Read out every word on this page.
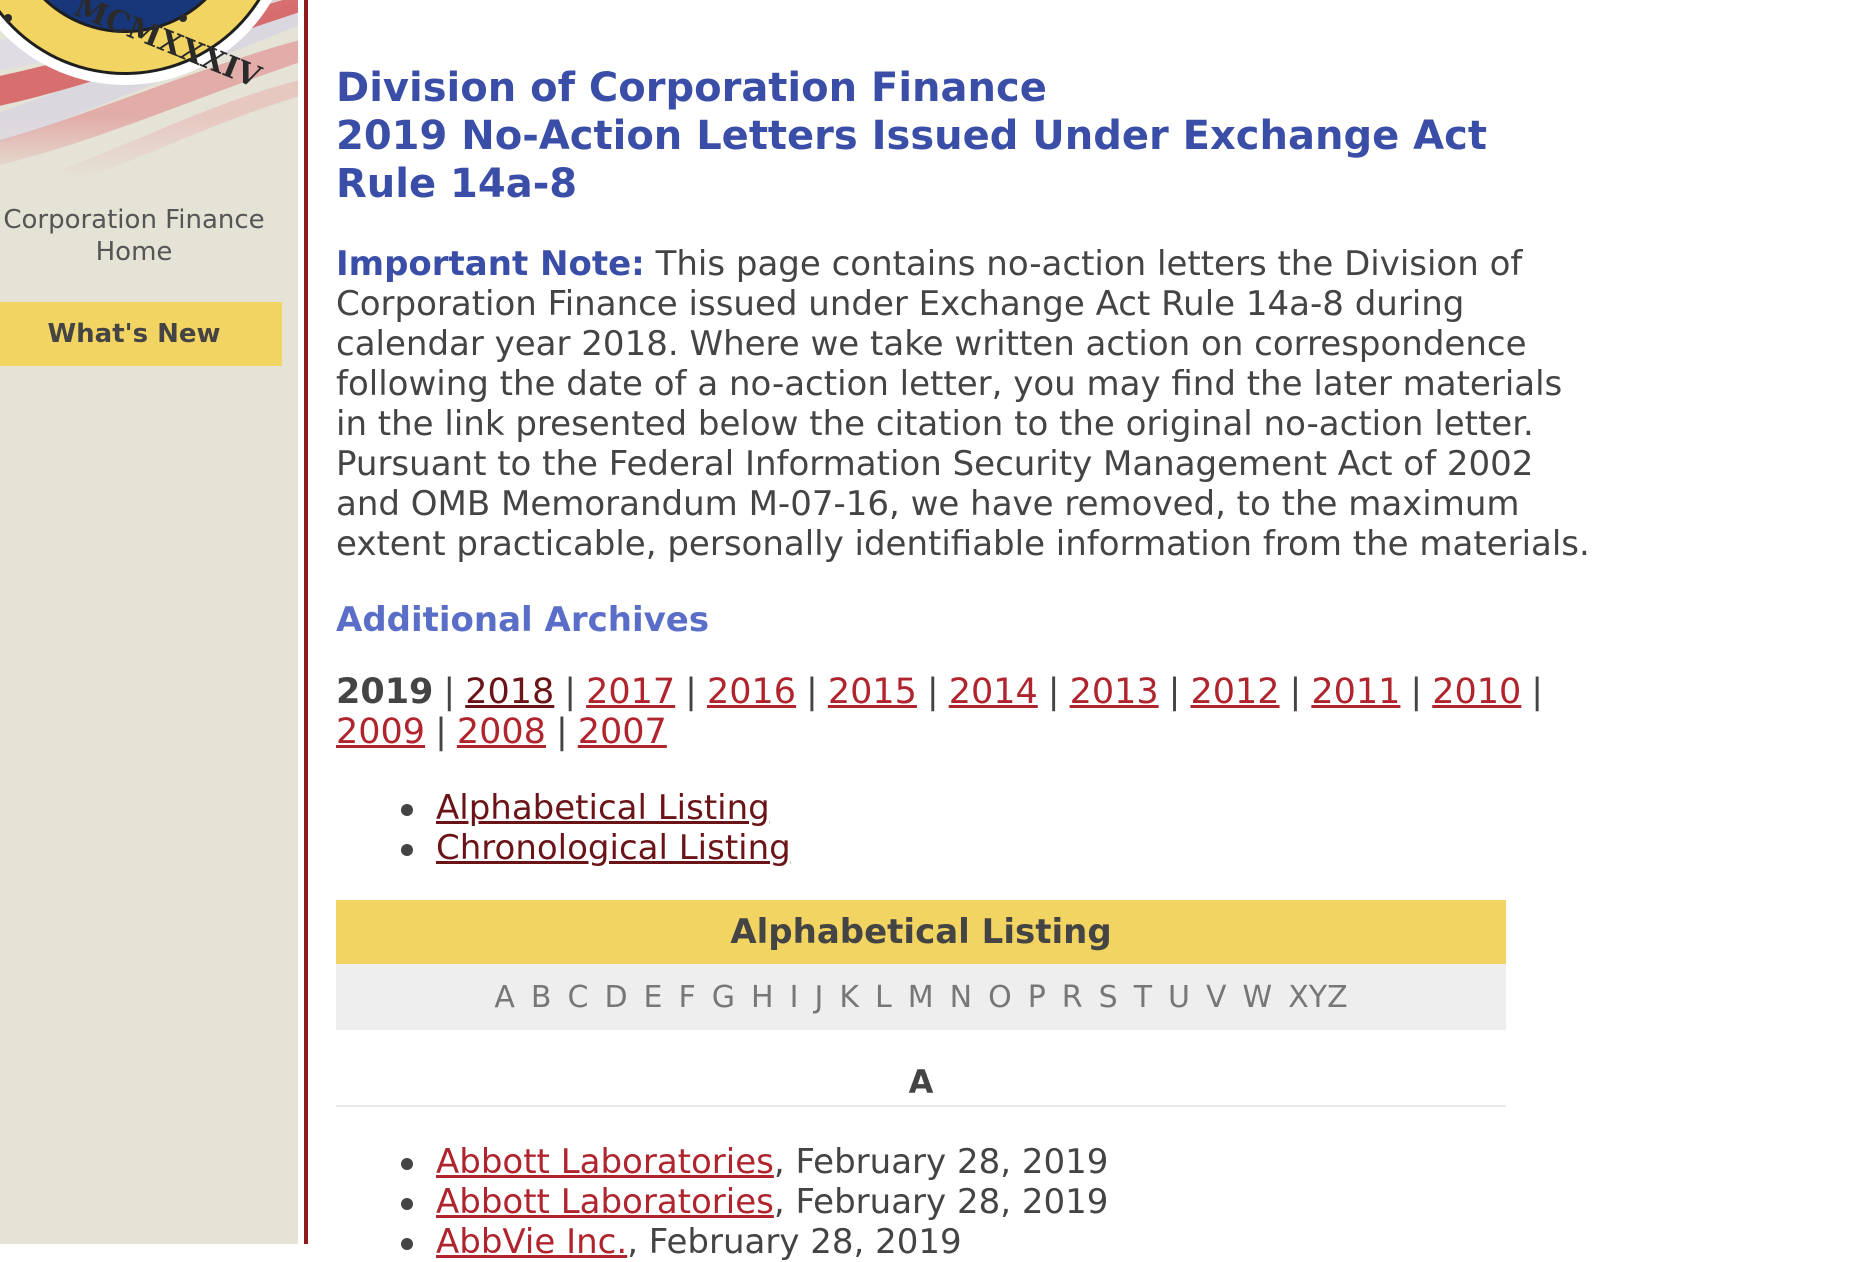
Corporation Finance Home
What's New
Division of Corporation Finance
2019 No-Action Letters Issued Under Exchange Act
Rule 14a-8

Important Note: This page contains no-action letters the Division of
Corporation Finance issued under Exchange Act Rule 14a-8 during
calendar year 2018. Where we take written action on correspondence
following the date of a no-action letter, you may find the later materials
in the link presented below the citation to the original no-action letter.
Pursuant to the Federal Information Security Management Act of 2002
and OMB Memorandum M-07-16, we have removed, to the maximum
extent practicable, personally identifiable information from the materials.

Additional Archives
2019 | 2018 | 2017 | 2016 | 2015 | 2014 | 2013 | 2012 | 2011 | 2010 |
2009 | 2008 | 2007
Alphabetical Listing
Chronological Listing
Alphabetical Listing
A B C D E F G H I J K L M N O P R S T U V W XYZ
A
Abbott Laboratories, February 28, 2019
Abbott Laboratories, February 28, 2019
AbbVie Inc., February 28, 2019
